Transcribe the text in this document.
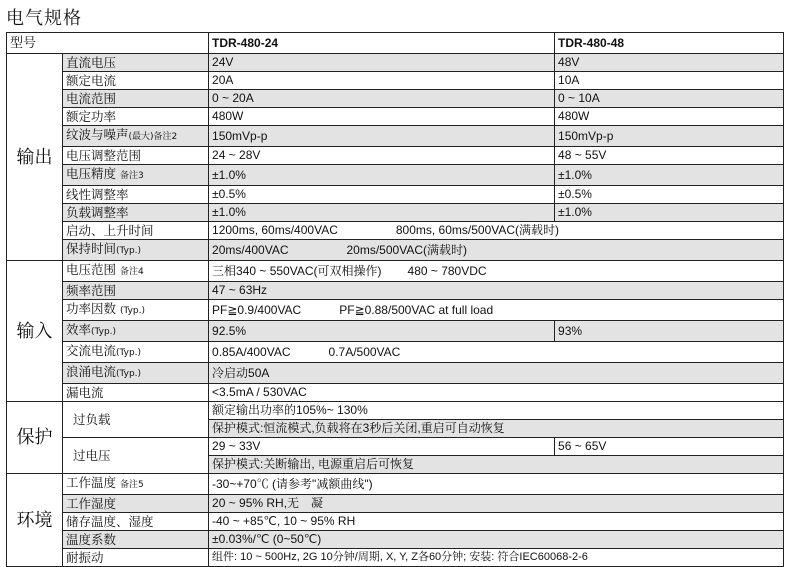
电气规格
型号		TDR-480-24	TDR-480-48
输出	直流电压	24V	48V
	额定电流	20A	10A
	电流范围	0 ~ 20A	0 ~ 10A
	额定功率	480W	480W
	纹波与噪声(最大)备注2	150mVp-p	150mVp-p
	电压调整范围	24 ~ 28V	48 ~ 55V
	电压精度 备注3	±1.0%	±1.0%
	线性调整率	±0.5%	±0.5%
	负载调整率	±1.0%	±1.0%
	启动、上升时间	1200ms, 60ms/400VAC 800ms, 60ms/500VAC(满载时)	
	保持时间(Typ.)	20ms/400VAC 20ms/500VAC(满载时)	
输入	电压范围 备注4	三相340 ~ 550VAC(可双相操作) 480 ~ 780VDC	
	频率范围	47 ~ 63Hz	
	功率因数 (Typ.)	PF≧0.9/400VAC PF≧0.88/500VAC at full load	
	效率(Typ.)	92.5%	93%
	交流电流(Typ.)	0.85A/400VAC 0.7A/500VAC	
	浪涌电流(Typ.)	冷启动50A	
	漏电流	<3.5mA / 530VAC	
保护	过负载	额定输出功率的105%~ 130%	
		保护模式:恒流模式,负载将在3秒后关闭,重启可自动恢复	
	过电压	29 ~ 33V	56 ~ 65V
		保护模式:关断输出, 电源重启后可恢复	
环境	工作温度 备注5	-30~+70℃ (请参考"减额曲线")	
	工作湿度	20 ~ 95% RH,无　凝	
	储存温度、湿度	-40 ~ +85℃, 10 ~ 95% RH	
	温度系数	±0.03%/℃ (0~50℃)	
	耐振动	组件: 10 ~ 500Hz, 2G 10分钟/周期, X, Y, Z各60分钟; 安装: 符合IEC60068-2-6	
